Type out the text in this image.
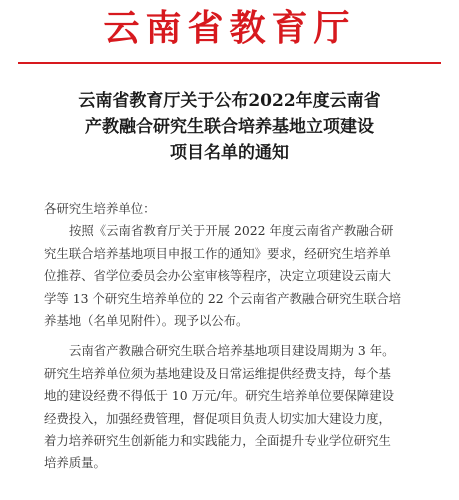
云南省教育厅
云南省教育厅关于公布2022年度云南省
产教融合研究生联合培养基地立项建设
项目名单的通知
各研究生培养单位：
按照《云南省教育厅关于开展 2022 年度云南省产教融合研
究生联合培养基地项目申报工作的通知》要求，经研究生培养单
位推荐、省学位委员会办公室审核等程序，决定立项建设云南大
学等 13 个研究生培养单位的 22 个云南省产教融合研究生联合培
养基地（名单见附件）。现予以公布。
云南省产教融合研究生联合培养基地项目建设周期为 3 年。
研究生培养单位须为基地建设及日常运维提供经费支持，每个基
地的建设经费不得低于 10 万元/年。研究生培养单位要保障建设
经费投入，加强经费管理，督促项目负责人切实加大建设力度，
着力培养研究生创新能力和实践能力，全面提升专业学位研究生
培养质量。
